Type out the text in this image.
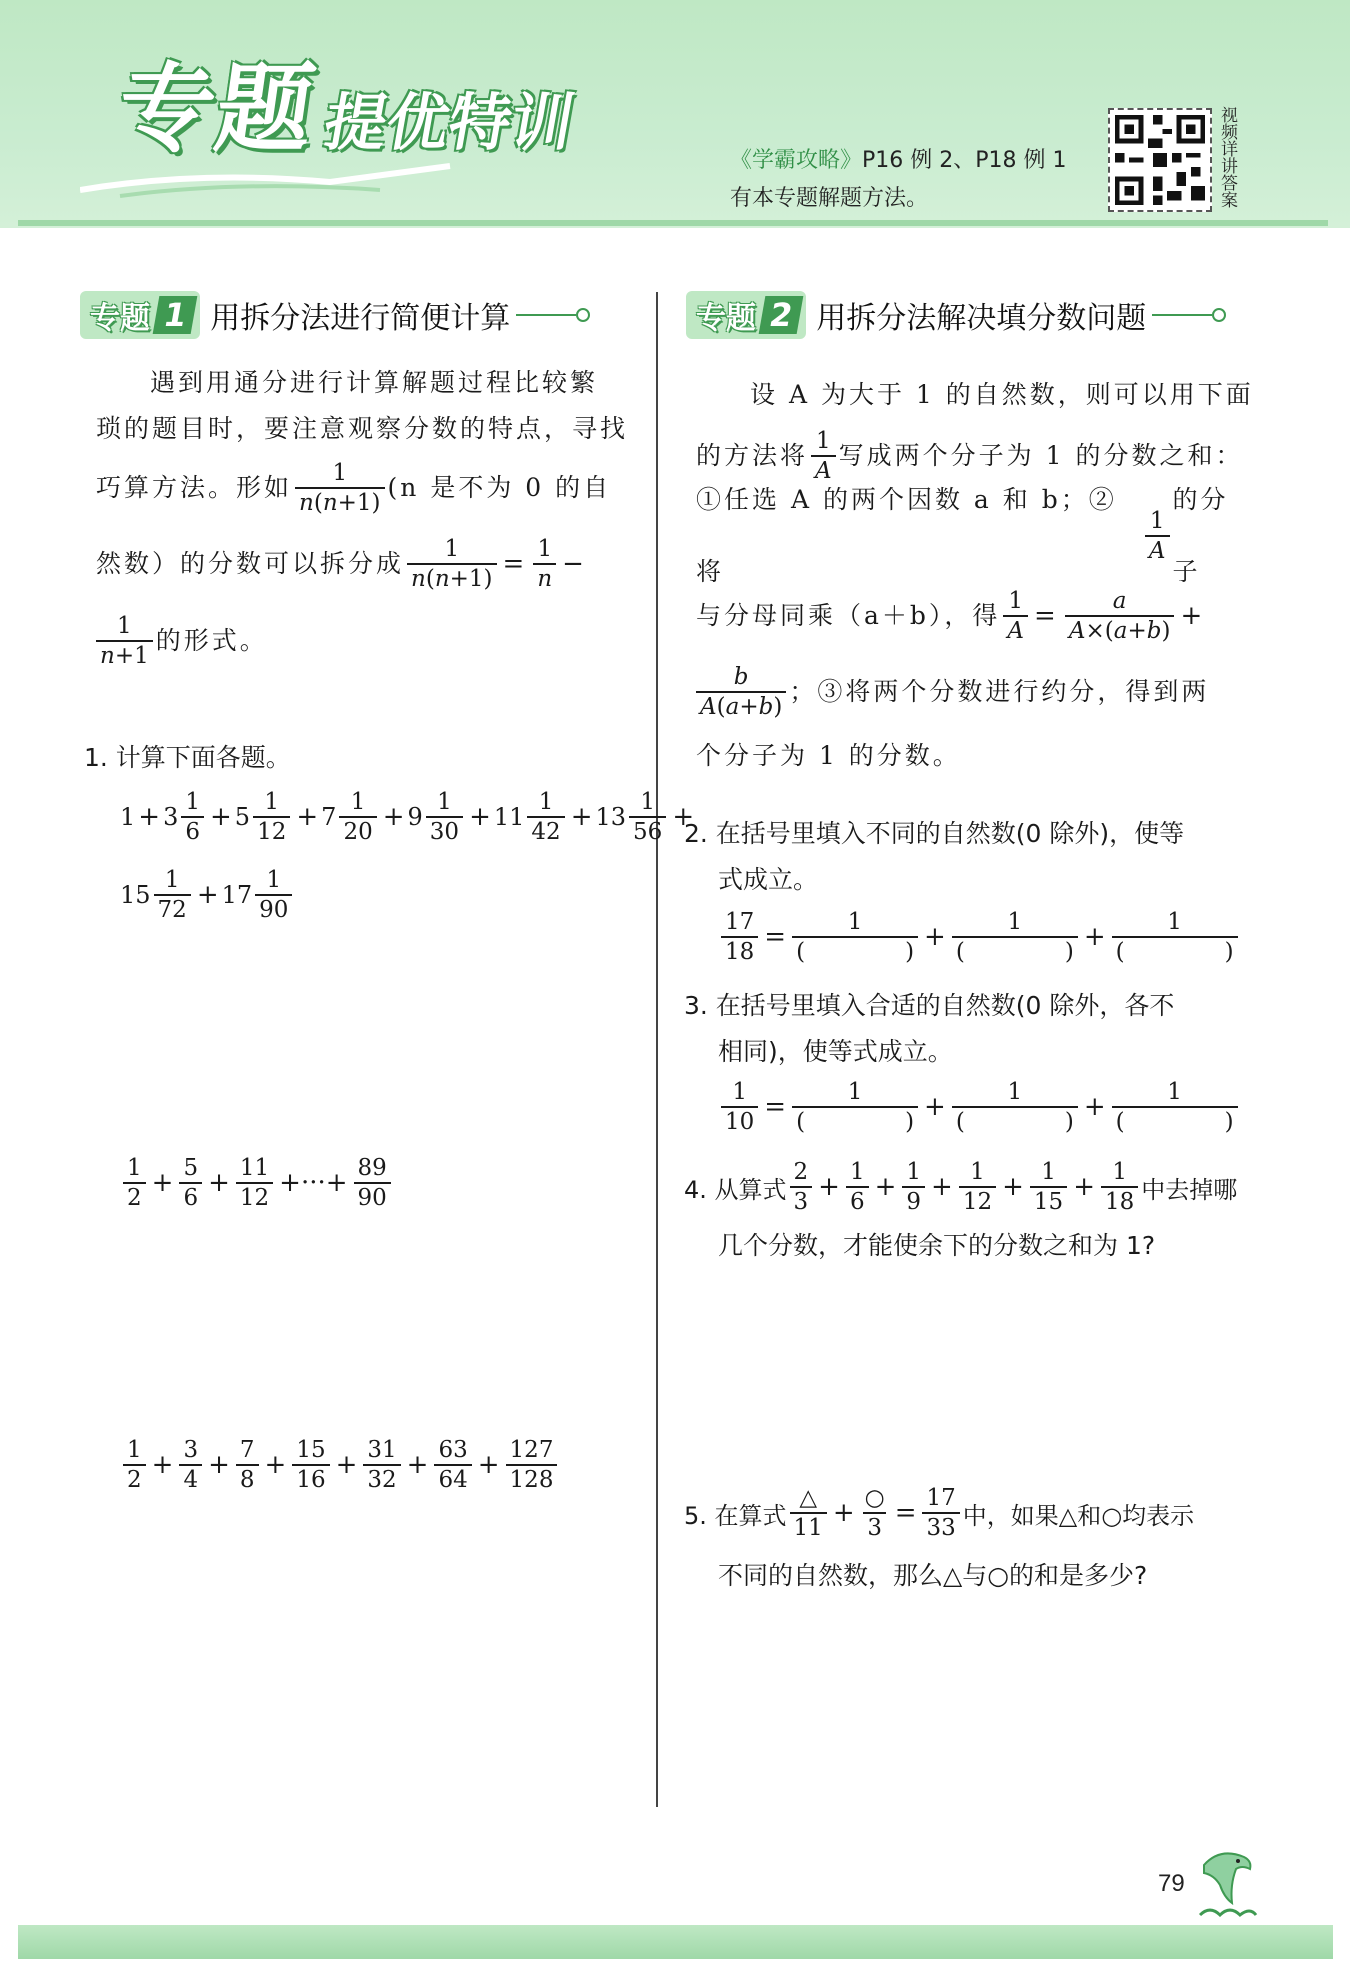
专题
提优特训
《学霸攻略》P16 例 2、P18 例 1
有本专题解题方法。	视频详讲答案
专题 1 用拆分法进行简便计算	专题 2 用拆分法解决填分数问题
遇到用通分进行计算解题过程比较繁
琐的题目时，要注意观察分数的特点，寻找
巧算方法。形如 $\frac{1}{n(n+1)} (n$ 是不为 0 的自
然数）的分数可以拆分成 $\frac{1}{n(n+1)} = \frac{1}{n}$ −
$\frac{1}{n+1}$ 的形式。
1. 计算下面各题。
$1 + 3 \frac{1}{6} + 5 \frac{1}{12} + 7 \frac{1}{20} + 9 \frac{1}{30} + 11 \frac{1}{42} + 13 \frac{1}{56}$ +
$15 \frac{1}{72} + 17 \frac{1}{90}$
$\frac{1}{2} + \frac{5}{6} + \frac{11}{12}$ +···+ $\frac{89}{90}$
$\frac{1}{2} + \frac{3}{4} + \frac{7}{8} + \frac{15}{16} + \frac{31}{32} + \frac{63}{64} + \frac{127}{128}$
设 A 为大于 1 的自然数，则可以用下面
的方法将 $\frac{1}{A}$ 写成两个分子为 1 的分数之和：
①任选 A 的两个因数 a 和 b；②将
$\frac{1}{A}$
的分子
与分母同乘（a＋b），得 $\frac{1}{A} = \frac{a}{A\times(a+b)}$ +
$\frac{b}{A(a+b)}$ ；③将两个分数进行约分，得到两
个分子为 1 的分数。
2. 在括号里填入不同的自然数(0 除外)，使等
式成立。
$\frac{17}{18} = 1$
(	) + 1
(	) + 1
(	)
3. 在括号里填入合适的自然数(0 除外，各不
相同)，使等式成立。
$\frac{1}{10} = 1$
(	) + 1
(	) + 1
(	)
4. 从算式 $\frac{2}{3} + \frac{1}{6} + \frac{1}{9} + \frac{1}{12} + \frac{1}{15} + \frac{1}{18}$ 中去掉哪
几个分数，才能使余下的分数之和为 1?
5. 在算式 $\frac{\triangle}{11} + \frac{○}{3} = \frac{17}{33}$ 中，如果△和○均表示
不同的自然数，那么△与○的和是多少?
79
